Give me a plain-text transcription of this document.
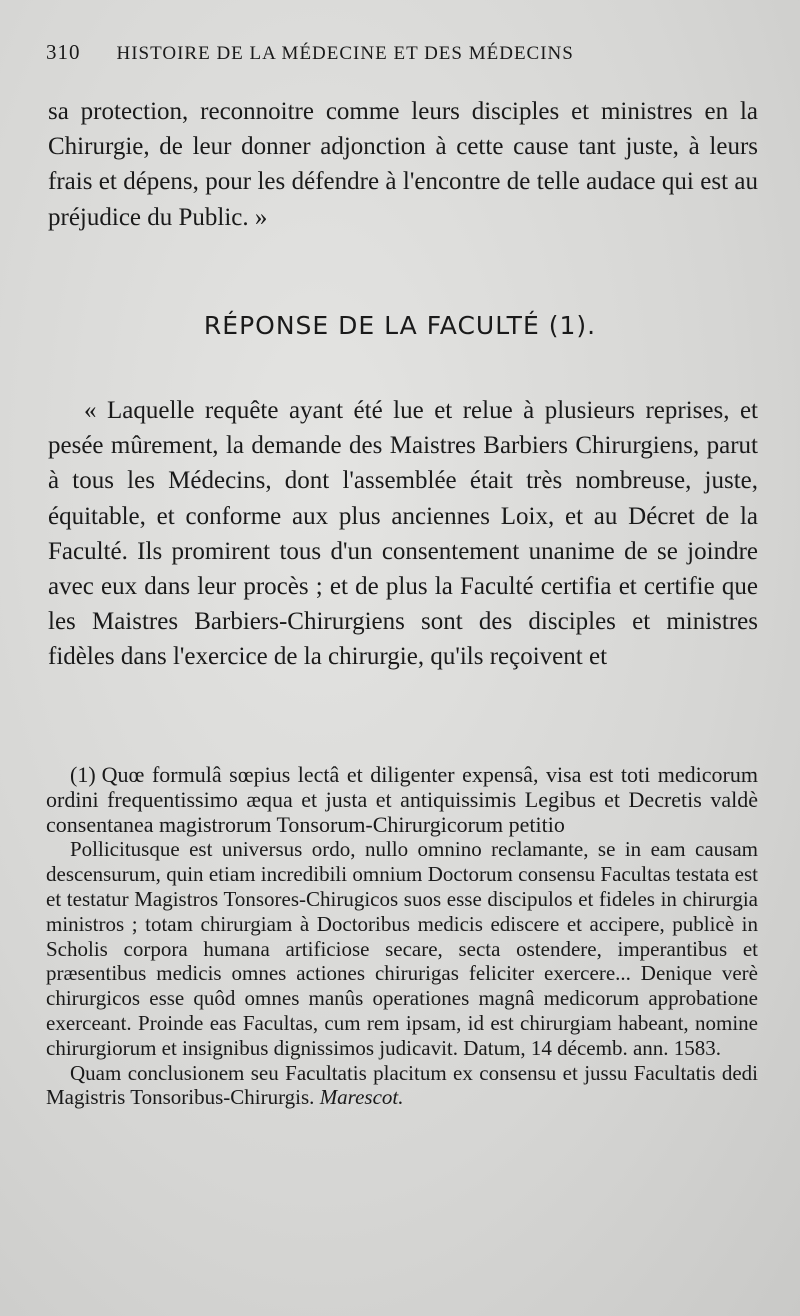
310 HISTOIRE DE LA MÉDECINE ET DES MÉDECINS

sa protection, reconnoitre comme leurs disciples et ministres en la Chirurgie, de leur donner adjonction à cette cause tant juste, à leurs frais et dépens, pour les défendre à l'encontre de telle audace qui est au préjudice du Public. »

RÉPONSE DE LA FACULTÉ (1).

« Laquelle requête ayant été lue et relue à plusieurs reprises, et pesée mûrement, la demande des Maistres Barbiers Chirurgiens, parut à tous les Médecins, dont l'assemblée était très nombreuse, juste, équitable, et conforme aux plus anciennes Loix, et au Décret de la Faculté. Ils promirent tous d'un consentement unanime de se joindre avec eux dans leur procès ; et de plus la Faculté certifia et certifie que les Maistres Barbiers-Chirurgiens sont des disciples et ministres fidèles dans l'exercice de la chirurgie, qu'ils reçoivent et

(1) Quœ formulâ sœpius lectâ et diligenter expensâ, visa est toti medicorum ordini frequentissimo æqua et justa et antiquissimis Legibus et Decretis valdè consentanea magistrorum Tonsorum-Chirurgicorum petitio

Pollicitusque est universus ordo, nullo omnino reclamante, se in eam causam descensurum, quin etiam incredibili omnium Doctorum consensu Facultas testata est et testatur Magistros Tonsores-Chirugicos suos esse discipulos et fideles in chirurgia ministros ; totam chirurgiam à Doctoribus medicis ediscere et accipere, publicè in Scholis corpora humana artificiose secare, secta ostendere, imperantibus et præsentibus medicis omnes actiones chirurigas feliciter exercere... Denique verè chirurgicos esse quôd omnes manûs operationes magnâ medicorum approbatione exerceant. Proinde eas Facultas, cum rem ipsam, id est chirurgiam habeant, nomine chirurgiorum et insignibus dignissimos judicavit. Datum, 14 décemb. ann. 1583.

Quam conclusionem seu Facultatis placitum ex consensu et jussu Facultatis dedi Magistris Tonsoribus-Chirurgis. Marescot.
